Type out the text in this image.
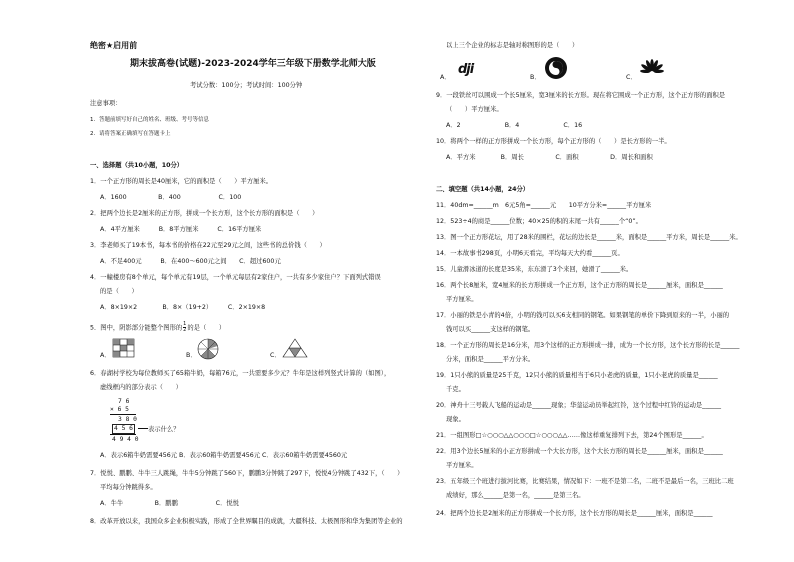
绝密★启用前
期末拔高卷(试题)-2023-2024学年三年级下册数学北师大版
考试分数：100分；考试时间：100分钟
注意事项：
1．答题前填写好自己的姓名、班级、考号等信息
2．请将答案正确填写在答题卡上
一、选择题（共10小题，10分）
1．一个正方形的周长是40厘米，它的面积是（　　）平方厘米。
A．1600　　　　　B．400　　　　　　C．100
2．把两个边长是2厘米的正方形，拼成一个长方形，这个长方形的面积是（　　）
A．4平方厘米　　　B．8平方厘米　　　C．16平方厘米
3．李老师买了19本书，每本书的价格在22元至29元之间，这些书的总价钱（　　）
A．不足400元　　　B．在400～600元之间　　C．超过600元
4．一幢楼房有8个单元，每个单元有19层，一个单元每层有2家住户，一共有多少家住户？下面列式错误
的是（　　）
A．8×19×2　　　　B．8×（19+2）　　　C．2×19×8
5．图中，阴影部分能整个图形的 $\frac{1}{2}$ 的是（　　）
A．	B．	C．
6．春湖村学校为每位教师买了65箱牛奶，每箱76元，一共需要多少元？牛年是这样列竖式计算的（如图），
虚线框内的部分表示（　　）
7 6
× 6 5
3 8 0
4 5 6	表示什么？
4 9 4 0
A．表示6箱牛奶需要456元 B．表示60箱牛奶需要456元 C．表示60箱牛奶需要4560元
7．悦悦、鹏鹏、牛牛三人跳绳，牛牛5分钟跳了560下，鹏鹏3分钟跳了297下，悦悦4分钟跳了432下，（　　）
平均每分钟跳得多。
A．牛牛　　　　　B．鹏鹏　　　　　　C．悦悦
8．改革开放以来，我国众多企业积极实践，形成了全世界瞩目的成就，大疆科技、太极图形和华为集团等企业的
以上三个企业的标志是轴对称图形的是（　　）
A．
dji
B．	C．
9．一段铁丝可以围成一个长5厘米，宽3厘米的长方形。现在将它围成一个正方形，这个正方形的面积是
（　　）平方厘米。
A．2　　　　　　　B．4　　　　　　　C．16
10．将两个一样的正方形拼成一个长方形，每个正方形的（　　）是长方形的一半。
A．平方米　　　　B．周长　　　　　C．面积　　　　　D．周长和面积
二、填空题（共14小题，24分）
11．40dm=______m　6元5角=______元　　10平方分米=______平方厘米
12．523÷4的商是______位数；40×25的积的末尾一共有______个“0”。
13．图一个正方形花坛，用了28米的围栏，花坛的边长是______米，面积是______平方米，周长是______米。
14．一本故事书298页，小明6天看完，平均每天大约看______页。
15．儿童滑冰道的长度是35米，东东滑了3个来回，她滑了______米。
16．两个长8厘米，宽4厘米的长方形拼成一个正方形，这个正方形的周长是______厘米，面积是______
平方厘米。
17．小丽的铁是小青的4倍，小明的钱可以买6支相同的钢笔。如果钢笔的单价下降到原来的一半，小丽的
钱可以买______支这样的钢笔。
18．一个正方形的周长是16分米，用3个这样的正方形拼成一排，成为一个长方形，这个长方形的长是______
分米，面积是______平方分米。
19．1只小熊的质量是25千克，12只小熊的质量相当于6只小老虎的质量，1只小老虎的质量是______
千克。
20．神舟十三号载人飞船的运动是______现象；华蓥运动员举起红铃，这个过程中红铃的运动是______
现象。
21．一组图形□☆○○○△△○○○□☆○○○△△……像这样重复排列下去，第24个图形是______。
22．用3个边长5厘米的小正方形拼成一个大长方形，这个大长方形的周长是______厘米，面积是______
平方厘米。
23．五年级三个班进行拔河比赛，比赛结果，情况如下：一班不是第二名，二班不是最后一名，三班比二班
成绩好，那么______是第一名，______是第三名。
24．把两个边长是2厘米的正方形拼成一个长方形，这个长方形的周长是______厘米，面积是______
